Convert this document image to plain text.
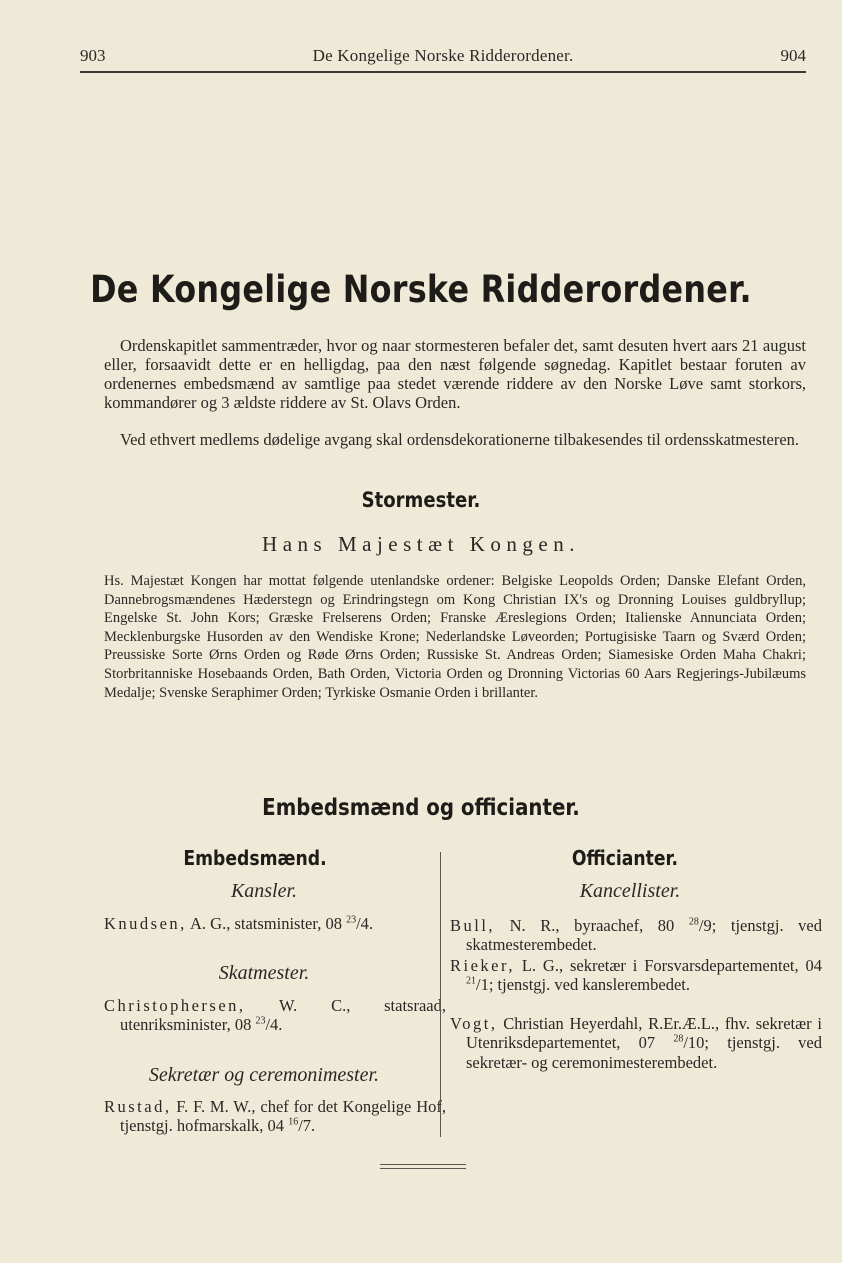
903	De Kongelige Norske Ridderordener.	904
De Kongelige Norske Ridderordener.
Ordenskapitlet sammentræder, hvor og naar stormesteren befaler det, samt desuten hvert aars 21 august eller, forsaavidt dette er en helligdag, paa den næst følgende søgnedag. Kapitlet bestaar foruten av ordenernes embedsmænd av samtlige paa stedet værende riddere av den Norske Løve samt storkors, kommandører og 3 ældste riddere av St. Olavs Orden.
Ved ethvert medlems dødelige avgang skal ordensdekorationerne tilbakesendes til ordensskatmesteren.
Stormester.
Hans Majestæt Kongen.
Hs. Majestæt Kongen har mottat følgende utenlandske ordener: Belgiske Leopolds Orden; Danske Elefant Orden, Dannebrogsmændenes Hæderstegn og Erindringstegn om Kong Christian IX's og Dronning Louises guldbryllup; Engelske St. John Kors; Græske Frelserens Orden; Franske Æreslegions Orden; Italienske Annunciata Orden; Mecklenburgske Husorden av den Wendiske Krone; Nederlandske Løveorden; Portugisiske Taarn og Sværd Orden; Preussiske Sorte Ørns Orden og Røde Ørns Orden; Russiske St. Andreas Orden; Siamesiske Orden Maha Chakri; Storbritanniske Hosebaands Orden, Bath Orden, Victoria Orden og Dronning Victorias 60 Aars Regjerings-Jubilæums Medalje; Svenske Seraphimer Orden; Tyrkiske Osmanie Orden i brillanter.
Embedsmænd og officianter.
Embedsmænd.
Kansler.
Knudsen, A. G., statsminister, 08 $^{23}$/4.
Skatmester.
Christophersen, W. C., statsraad, utenriksminister, 08 $^{23}$/4.
Sekretær og ceremonimester.
Rustad, F. F. M. W., chef for det Kongelige Hof, tjenstgj. hofmarskalk, 04 $^{16}$/7.
Officianter.
Kancellister.
Bull, N. R., byraachef, 80 $^{28}$/9; tjenstgj. ved skatmesterembedet.
Rieker, L. G., sekretær i Forsvarsdepartementet, 04 $^{21}$/1; tjenstgj. ved kanslerembedet.
Vogt, Christian Heyerdahl, R.Er.Æ.L., fhv. sekretær i Utenriksdepartementet, 07 $^{28}$/10; tjenstgj. ved sekretær- og ceremonimesterembedet.
